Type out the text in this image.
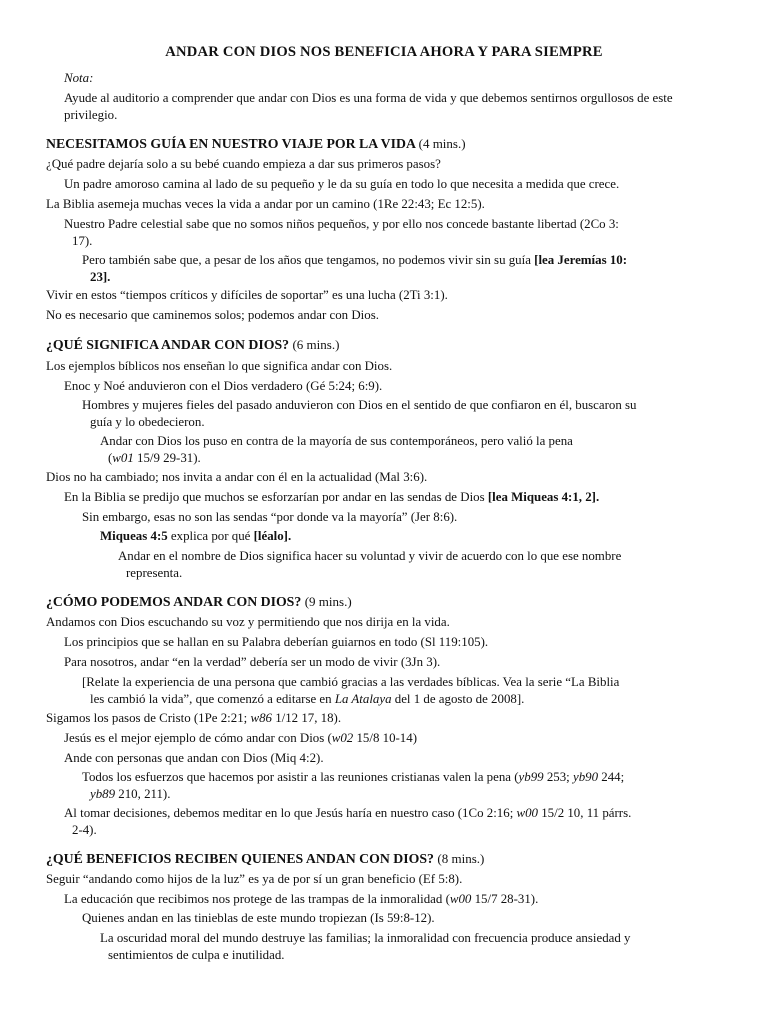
ANDAR CON DIOS NOS BENEFICIA AHORA Y PARA SIEMPRE
Nota:
Ayude al auditorio a comprender que andar con Dios es una forma de vida y que debemos sentirnos orgullosos de este privilegio.
NECESITAMOS GUÍA EN NUESTRO VIAJE POR LA VIDA (4 mins.)
¿Qué padre dejaría solo a su bebé cuando empieza a dar sus primeros pasos?
Un padre amoroso camina al lado de su pequeño y le da su guía en todo lo que necesita a medida que crece.
La Biblia asemeja muchas veces la vida a andar por un camino (1Re 22:43; Ec 12:5).
Nuestro Padre celestial sabe que no somos niños pequeños, y por ello nos concede bastante libertad (2Co 3:
17).
Pero también sabe que, a pesar de los años que tengamos, no podemos vivir sin su guía [lea Jeremías 10:
23].
Vivir en estos “tiempos críticos y difíciles de soportar” es una lucha (2Ti 3:1).
No es necesario que caminemos solos; podemos andar con Dios.
¿QUÉ SIGNIFICA ANDAR CON DIOS? (6 mins.)
Los ejemplos bíblicos nos enseñan lo que significa andar con Dios.
Enoc y Noé anduvieron con el Dios verdadero (Gé 5:24; 6:9).
Hombres y mujeres fieles del pasado anduvieron con Dios en el sentido de que confiaron en él, buscaron su
guía y lo obedecieron.
Andar con Dios los puso en contra de la mayoría de sus contemporáneos, pero valió la pena
(w01 15/9 29-31).
Dios no ha cambiado; nos invita a andar con él en la actualidad (Mal 3:6).
En la Biblia se predijo que muchos se esforzarían por andar en las sendas de Dios [lea Miqueas 4:1, 2].
Sin embargo, esas no son las sendas “por donde va la mayoría” (Jer 8:6).
Miqueas 4:5 explica por qué [léalo].
Andar en el nombre de Dios significa hacer su voluntad y vivir de acuerdo con lo que ese nombre
representa.
¿CÓMO PODEMOS ANDAR CON DIOS? (9 mins.)
Andamos con Dios escuchando su voz y permitiendo que nos dirija en la vida.
Los principios que se hallan en su Palabra deberían guiarnos en todo (Sl 119:105).
Para nosotros, andar “en la verdad” debería ser un modo de vivir (3Jn 3).
[Relate la experiencia de una persona que cambió gracias a las verdades bíblicas. Vea la serie “La Biblia
les cambió la vida”, que comenzó a editarse en La Atalaya del 1 de agosto de 2008].
Sigamos los pasos de Cristo (1Pe 2:21; w86 1/12 17, 18).
Jesús es el mejor ejemplo de cómo andar con Dios (w02 15/8 10-14)
Ande con personas que andan con Dios (Miq 4:2).
Todos los esfuerzos que hacemos por asistir a las reuniones cristianas valen la pena (yb99 253; yb90 244;
yb89 210, 211).
Al tomar decisiones, debemos meditar en lo que Jesús haría en nuestro caso (1Co 2:16; w00 15/2 10, 11 párrs.
2-4).
¿QUÉ BENEFICIOS RECIBEN QUIENES ANDAN CON DIOS? (8 mins.)
Seguir “andando como hijos de la luz” es ya de por sí un gran beneficio (Ef 5:8).
La educación que recibimos nos protege de las trampas de la inmoralidad (w00 15/7 28-31).
Quienes andan en las tinieblas de este mundo tropiezan (Is 59:8-12).
La oscuridad moral del mundo destruye las familias; la inmoralidad con frecuencia produce ansiedad y
sentimientos de culpa e inutilidad.
